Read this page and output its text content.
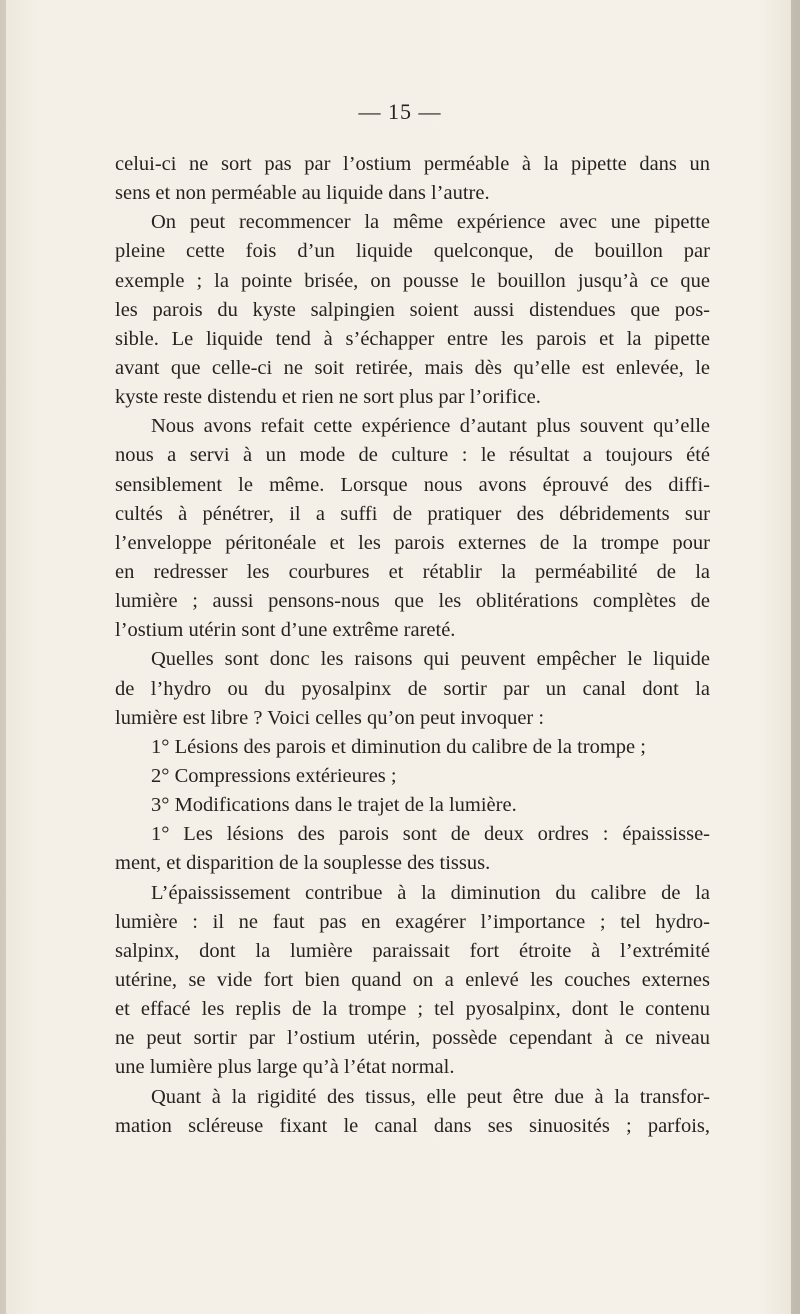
— 15 —
celui-ci ne sort pas par l’ostium perméable à la pipette dans un
sens et non perméable au liquide dans l’autre.
On peut recommencer la même expérience avec une pipette
pleine cette fois d’un liquide quelconque, de bouillon par
exemple ; la pointe brisée, on pousse le bouillon jusqu’à ce que
les parois du kyste salpingien soient aussi distendues que pos-
sible. Le liquide tend à s’échapper entre les parois et la pipette
avant que celle-ci ne soit retirée, mais dès qu’elle est enlevée, le
kyste reste distendu et rien ne sort plus par l’orifice.
Nous avons refait cette expérience d’autant plus souvent qu’elle
nous a servi à un mode de culture : le résultat a toujours été
sensiblement le même. Lorsque nous avons éprouvé des diffi-
cultés à pénétrer, il a suffi de pratiquer des débridements sur
l’enveloppe péritonéale et les parois externes de la trompe pour
en redresser les courbures et rétablir la perméabilité de la
lumière ; aussi pensons-nous que les oblitérations complètes de
l’ostium utérin sont d’une extrême rareté.
Quelles sont donc les raisons qui peuvent empêcher le liquide
de l’hydro ou du pyosalpinx de sortir par un canal dont la
lumière est libre ? Voici celles qu’on peut invoquer :
1° Lésions des parois et diminution du calibre de la trompe ;
2° Compressions extérieures ;
3° Modifications dans le trajet de la lumière.
1° Les lésions des parois sont de deux ordres : épaississe-
ment, et disparition de la souplesse des tissus.
L’épaississement contribue à la diminution du calibre de la
lumière : il ne faut pas en exagérer l’importance ; tel hydro-
salpinx, dont la lumière paraissait fort étroite à l’extrémité
utérine, se vide fort bien quand on a enlevé les couches externes
et effacé les replis de la trompe ; tel pyosalpinx, dont le contenu
ne peut sortir par l’ostium utérin, possède cependant à ce niveau
une lumière plus large qu’à l’état normal.
Quant à la rigidité des tissus, elle peut être due à la transfor-
mation scléreuse fixant le canal dans ses sinuosités ; parfois,
